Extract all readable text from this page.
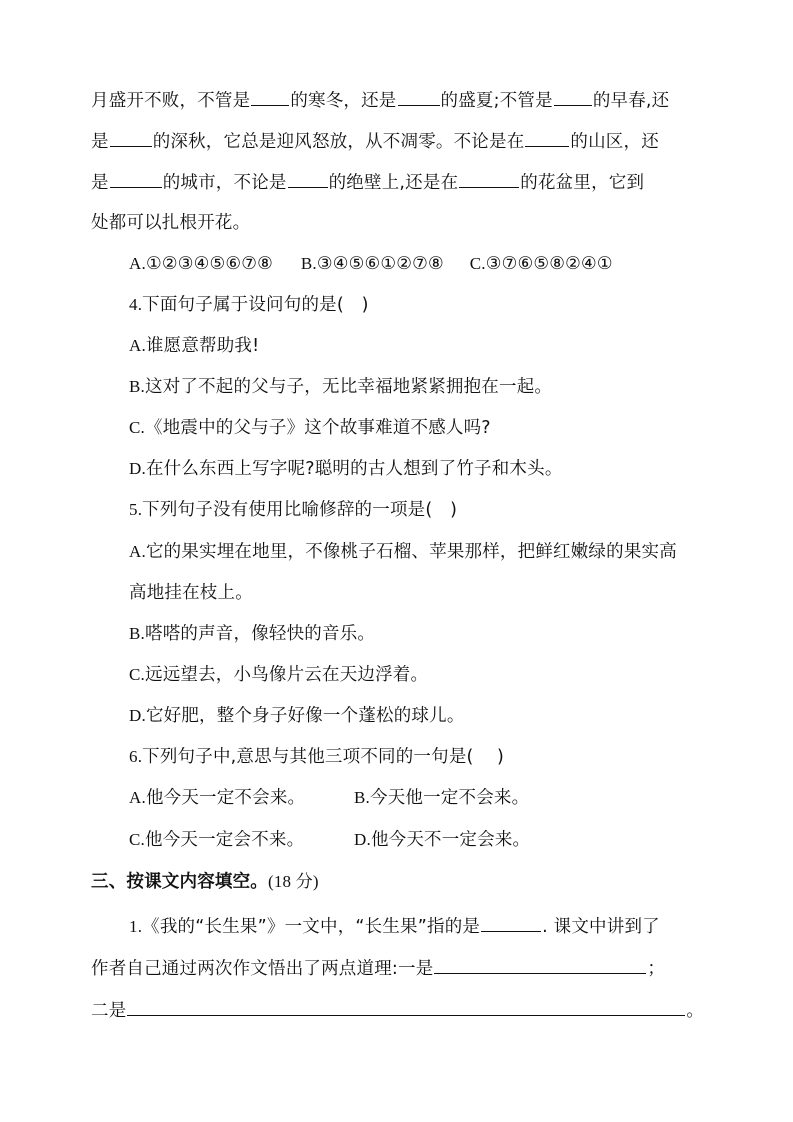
月盛开不败，不管是 的寒冬，还是	的盛夏;不管是 的早春,还
是	的深秋，它总是迎风怒放，从不凋零。不论是在	的山区，还
是	的城市，不论是 的绝壁上,还是在	的花盆里，它到
处都可以扎根开花。
A.①②③④⑤⑥⑦⑧ B.③④⑤⑥①②⑦⑧ C.③⑦⑥⑤⑧②④①
4.下面句子属于设问句的是(　)
A.谁愿意帮助我!
B.这对了不起的父与子，无比幸福地紧紧拥抱在一起。
C.《地震中的父与子》这个故事难道不感人吗?
D.在什么东西上写字呢?聪明的古人想到了竹子和木头。
5.下列句子没有使用比喻修辞的一项是(　)
A.它的果实埋在地里，不像桃子石榴、苹果那样，把鲜红嫩绿的果实高
高地挂在枝上。
B.嗒嗒的声音，像轻快的音乐。
C.远远望去，小鸟像片云在天边浮着。
D.它好肥，整个身子好像一个蓬松的球儿。
6.下列句子中,意思与其他三项不同的一句是(　 )
A.他今天一定不会来。	B.今天他一定不会来。
C.他今天一定会不来。	D.他今天不一定会来。
三、按课文内容填空。(18 分)
1.《我的“长生果”》一文中，“长生果”指的是	. 课文中讲到了
作者自己通过两次作文悟出了两点道理:一是	；
二是	。
